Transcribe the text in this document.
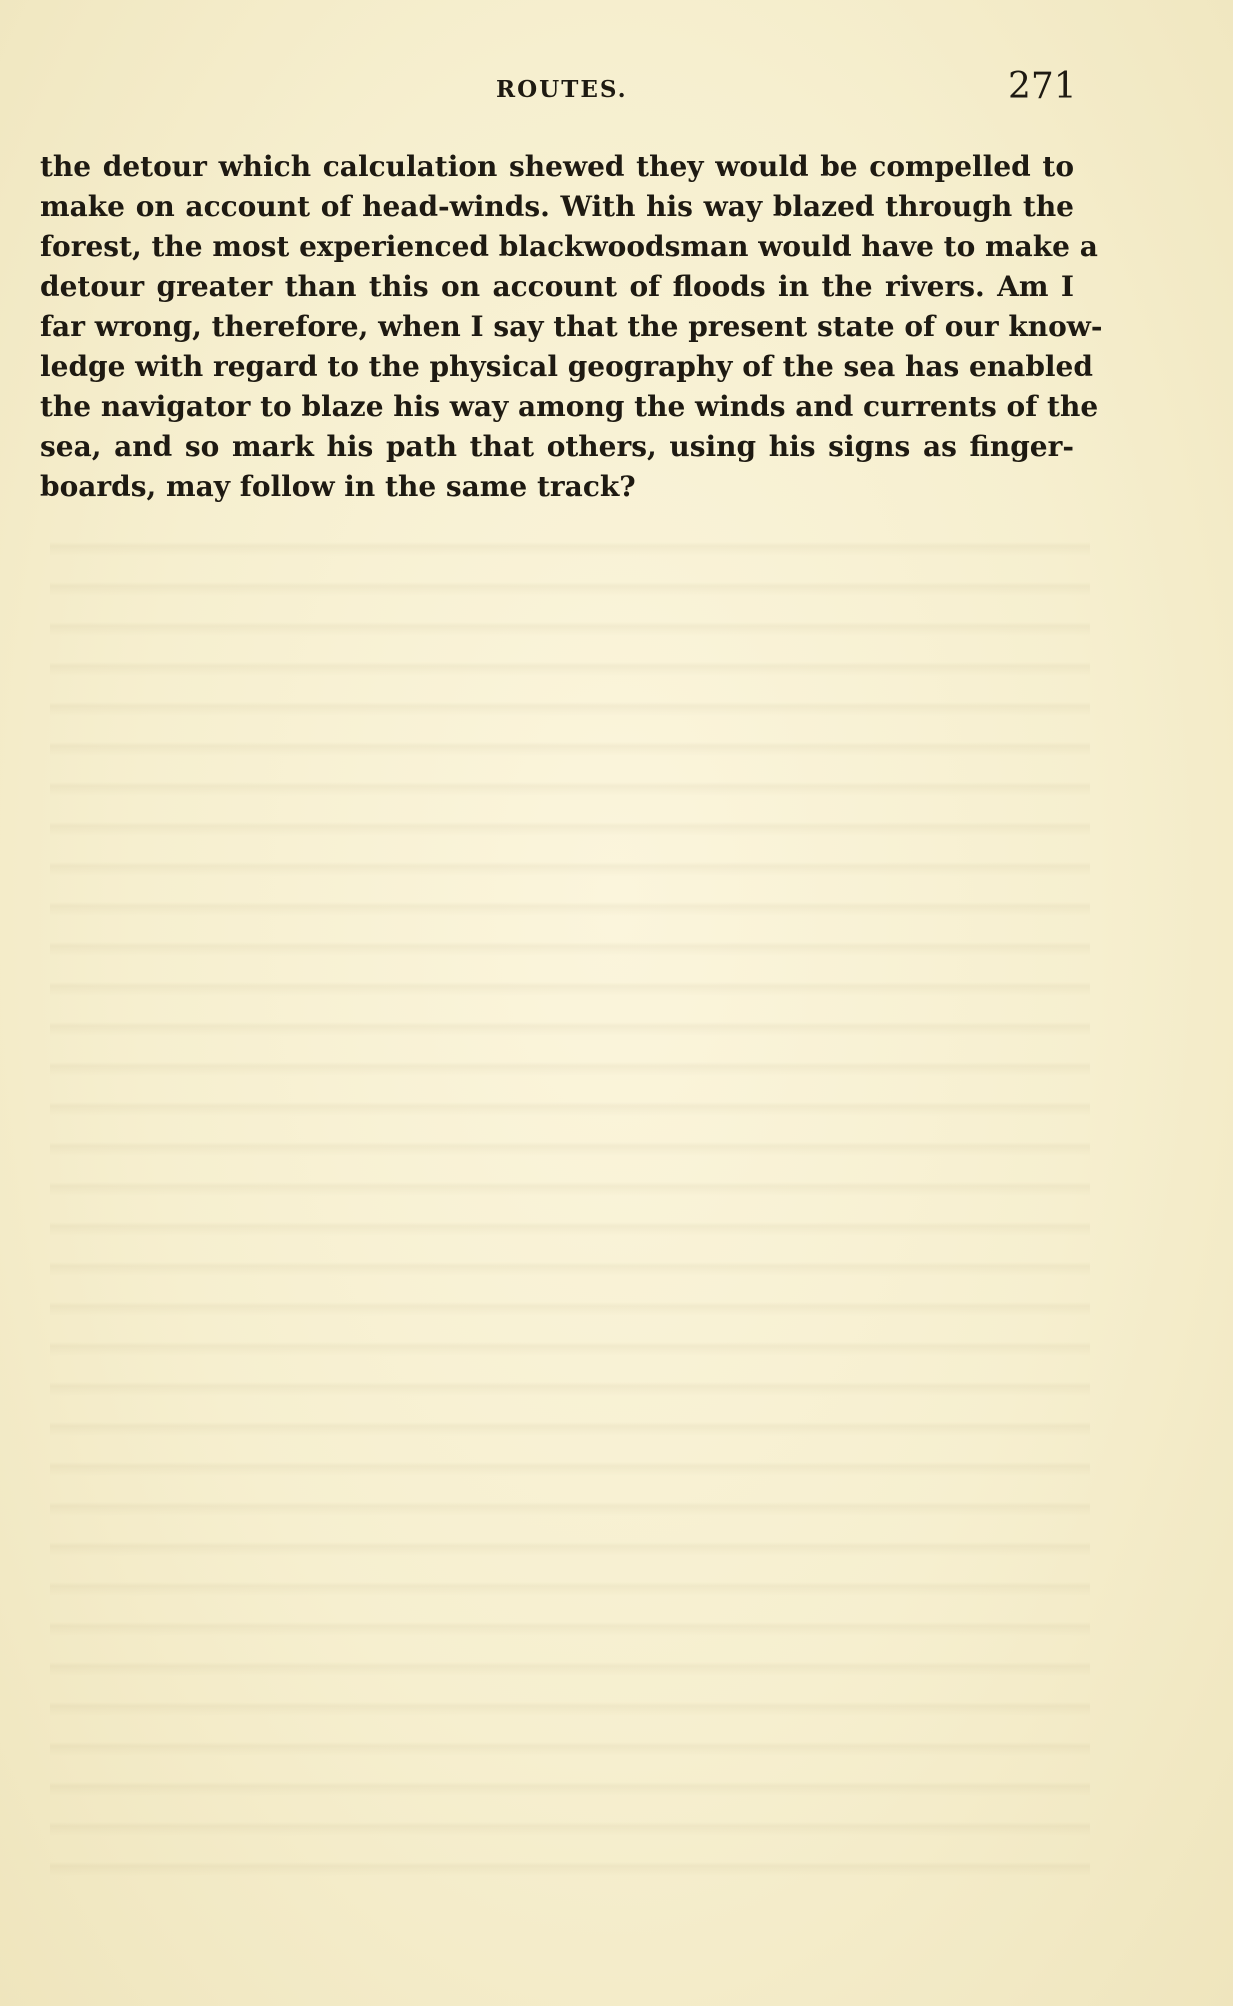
ROUTES.	271

the detour which calculation shewed they would be compelled to
make on account of head-winds. With his way blazed through the
forest, the most experienced blackwoodsman would have to make a
detour greater than this on account of floods in the rivers. Am I
far wrong, therefore, when I say that the present state of our know-
ledge with regard to the physical geography of the sea has enabled
the navigator to blaze his way among the winds and currents of the
sea, and so mark his path that others, using his signs as finger-
boards, may follow in the same track?
